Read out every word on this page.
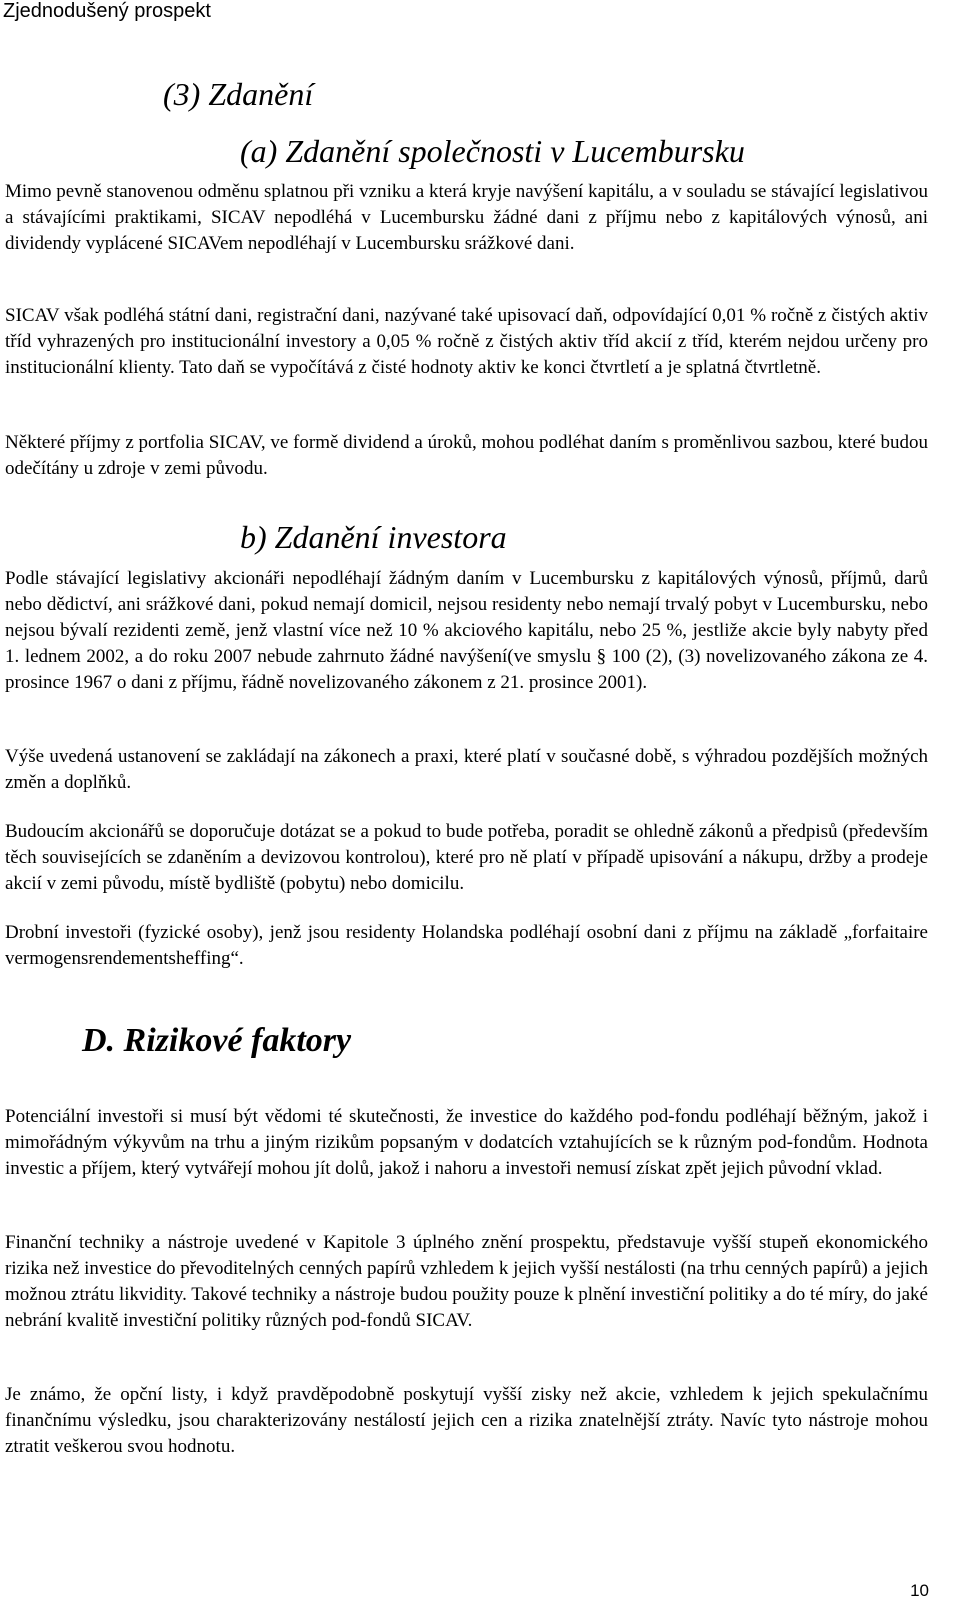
Zjednodušený prospekt
(3) Zdanění
(a) Zdanění společnosti v Lucembursku

Mimo pevně stanovenou odměnu splatnou při vzniku a která kryje navýšení kapitálu, a v souladu se stávající legislativou a stávajícími praktikami, SICAV nepodléhá v Lucembursku žádné dani z příjmu nebo z kapitálových výnosů, ani dividendy vyplácené SICAVem nepodléhají v Lucembursku srážkové dani.

SICAV však podléhá státní dani, registrační dani, nazývané také upisovací daň, odpovídající 0,01 % ročně z čistých aktiv tříd vyhrazených pro institucionální investory a 0,05 % ročně z čistých aktiv tříd akcií z tříd, kterém nejdou určeny pro institucionální klienty. Tato daň se vypočítává z čisté hodnoty aktiv ke konci čtvrtletí a je splatná čtvrtletně.

Některé příjmy z portfolia SICAV, ve formě dividend a úroků, mohou podléhat daním s proměnlivou sazbou, které budou odečítány u zdroje v zemi původu.

b) Zdanění investora

Podle stávající legislativy akcionáři nepodléhají žádným daním v Lucembursku z kapitálových výnosů, příjmů, darů nebo dědictví, ani srážkové dani, pokud nemají domicil, nejsou residenty nebo nemají trvalý pobyt v Lucembursku, nebo nejsou bývalí rezidenti země, jenž vlastní více než 10 % akciového kapitálu, nebo 25 %, jestliže akcie byly nabyty před 1. lednem 2002, a do roku 2007 nebude zahrnuto žádné navýšení(ve smyslu § 100 (2), (3) novelizovaného zákona ze 4. prosince 1967 o dani z příjmu, řádně novelizovaného zákonem z 21. prosince 2001).

Výše uvedená ustanovení se zakládají na zákonech a praxi, které platí v současné době, s výhradou pozdějších možných změn a doplňků.

Budoucím akcionářů se doporučuje dotázat se a pokud to bude potřeba, poradit se ohledně zákonů a předpisů (především těch souvisejících se zdaněním a devizovou kontrolou), které pro ně platí v případě upisování a nákupu, držby a prodeje akcií v zemi původu, místě bydliště (pobytu) nebo domicilu.

Drobní investoři (fyzické osoby), jenž jsou residenty Holandska podléhají osobní dani z příjmu na základě „forfaitaire vermogensrendementsheffing“.

D. Rizikové faktory

Potenciální investoři si musí být vědomi té skutečnosti, že investice do každého pod-fondu podléhají běžným, jakož i mimořádným výkyvům na trhu a jiným rizikům popsaným v dodatcích vztahujících se k různým pod-fondům. Hodnota investic a příjem, který vytvářejí mohou jít dolů, jakož i nahoru a investoři nemusí získat zpět jejich původní vklad.

Finanční techniky a nástroje uvedené v Kapitole 3 úplného znění prospektu, představuje vyšší stupeň ekonomického rizika než investice do převoditelných cenných papírů vzhledem k jejich vyšší nestálosti (na trhu cenných papírů) a jejich možnou ztrátu likvidity. Takové techniky a nástroje budou použity pouze k plnění investiční politiky a do té míry, do jaké nebrání kvalitě investiční politiky různých pod-fondů SICAV.

Je známo, že opční listy, i když pravděpodobně poskytují vyšší zisky než akcie, vzhledem k jejich spekulačnímu finančnímu výsledku, jsou charakterizovány nestálostí jejich cen a rizika znatelnější ztráty. Navíc tyto nástroje mohou ztratit veškerou svou hodnotu.

10
